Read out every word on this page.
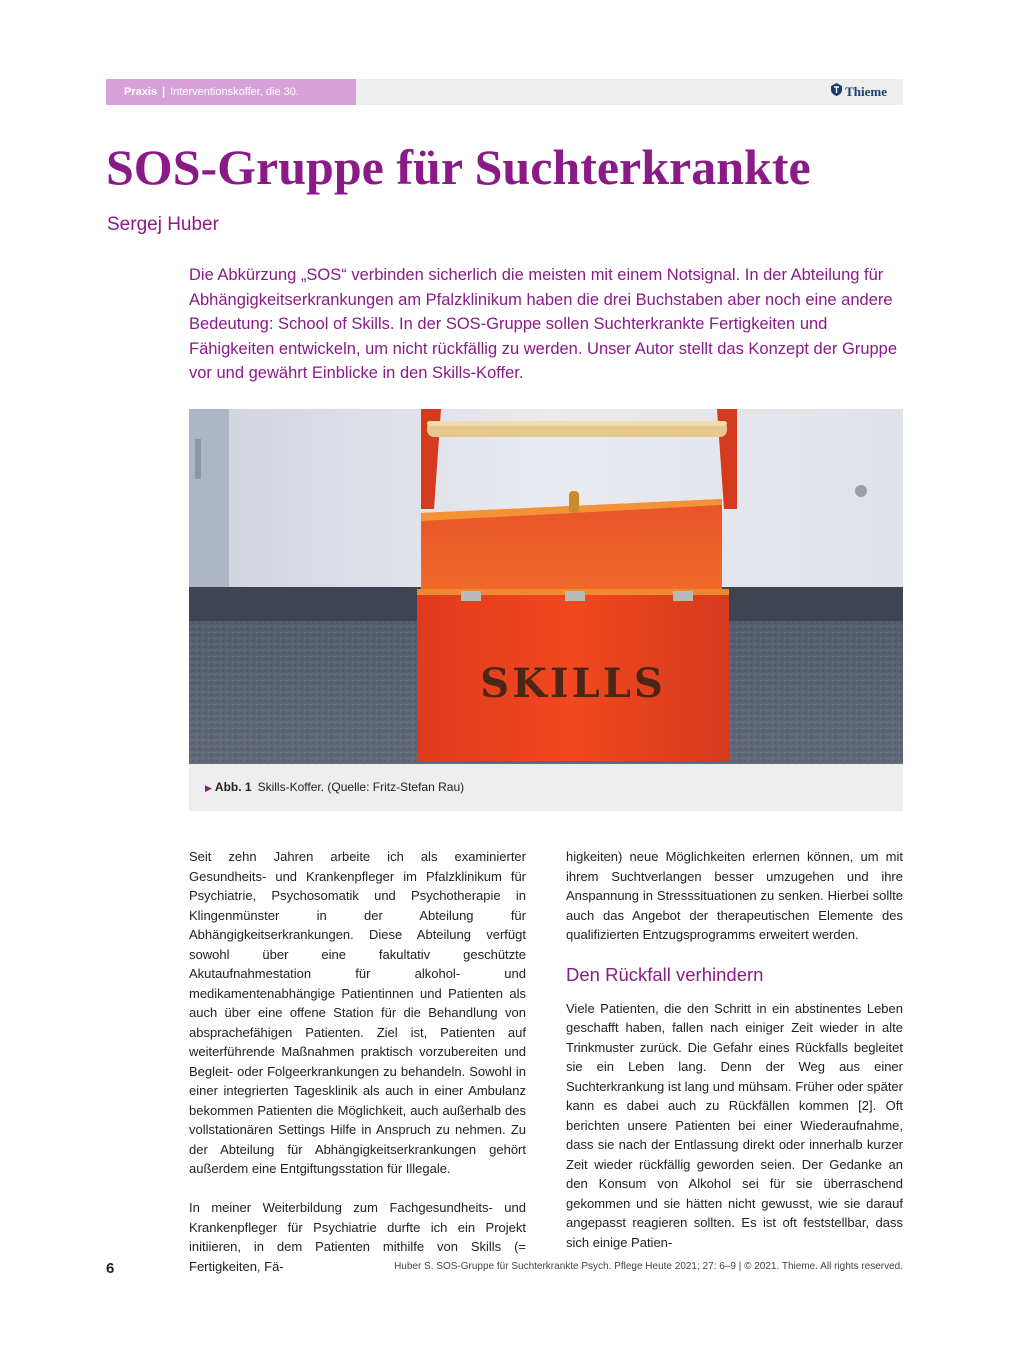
Praxis | Interventionskoffer, die 30.	Thieme
SOS-Gruppe für Suchterkrankte
Sergej Huber

Die Abkürzung „SOS“ verbinden sicherlich die meisten mit einem Notsignal. In der Abteilung für Abhängigkeitserkrankungen am Pfalzklinikum haben die drei Buchstaben aber noch eine andere Bedeutung: School of Skills. In der SOS-Gruppe sollen Suchterkrankte Fertigkeiten und Fähigkeiten entwickeln, um nicht rückfällig zu werden. Unser Autor stellt das Konzept der Gruppe vor und gewährt Einblicke in den Skills-Koffer.

SKILLS
▶ Abb. 1 Skills-Koffer. (Quelle: Fritz-Stefan Rau)

Seit zehn Jahren arbeite ich als examinierter Gesundheits- und Krankenpfleger im Pfalzklinikum für Psychiatrie, Psychosomatik und Psychotherapie in Klingenmünster in der Abteilung für Abhängigkeitserkrankungen. Diese Abteilung verfügt sowohl über eine fakultativ geschützte Akutaufnahmestation für alkohol- und medikamentenabhängige Patientinnen und Patienten als auch über eine offene Station für die Behandlung von absprachefähigen Patienten. Ziel ist, Patienten auf weiterführende Maßnahmen praktisch vorzubereiten und Begleit- oder Folgeerkrankungen zu behandeln. Sowohl in einer integrierten Tagesklinik als auch in einer Ambulanz bekommen Patienten die Möglichkeit, auch außerhalb des vollstationären Settings Hilfe in Anspruch zu nehmen. Zu der Abteilung für Abhängigkeitserkrankungen gehört außerdem eine Entgiftungsstation für Illegale.

In meiner Weiterbildung zum Fachgesundheits- und Krankenpfleger für Psychiatrie durfte ich ein Projekt initiieren, in dem Patienten mithilfe von Skills (= Fertigkeiten, Fä-

higkeiten) neue Möglichkeiten erlernen können, um mit ihrem Suchtverlangen besser umzugehen und ihre Anspannung in Stresssituationen zu senken. Hierbei sollte auch das Angebot der therapeutischen Elemente des qualifizierten Entzugsprogramms erweitert werden.

Den Rückfall verhindern

Viele Patienten, die den Schritt in ein abstinentes Leben geschafft haben, fallen nach einiger Zeit wieder in alte Trinkmuster zurück. Die Gefahr eines Rückfalls begleitet sie ein Leben lang. Denn der Weg aus einer Suchterkrankung ist lang und mühsam. Früher oder später kann es dabei auch zu Rückfällen kommen [2]. Oft berichten unsere Patienten bei einer Wiederaufnahme, dass sie nach der Entlassung direkt oder innerhalb kurzer Zeit wieder rückfällig geworden seien. Der Gedanke an den Konsum von Alkohol sei für sie überraschend gekommen und sie hätten nicht gewusst, wie sie darauf angepasst reagieren sollten. Es ist oft feststellbar, dass sich einige Patien-

6	Huber S. SOS-Gruppe für Suchterkrankte Psych. Pflege Heute 2021; 27: 6–9 | © 2021. Thieme. All rights reserved.
